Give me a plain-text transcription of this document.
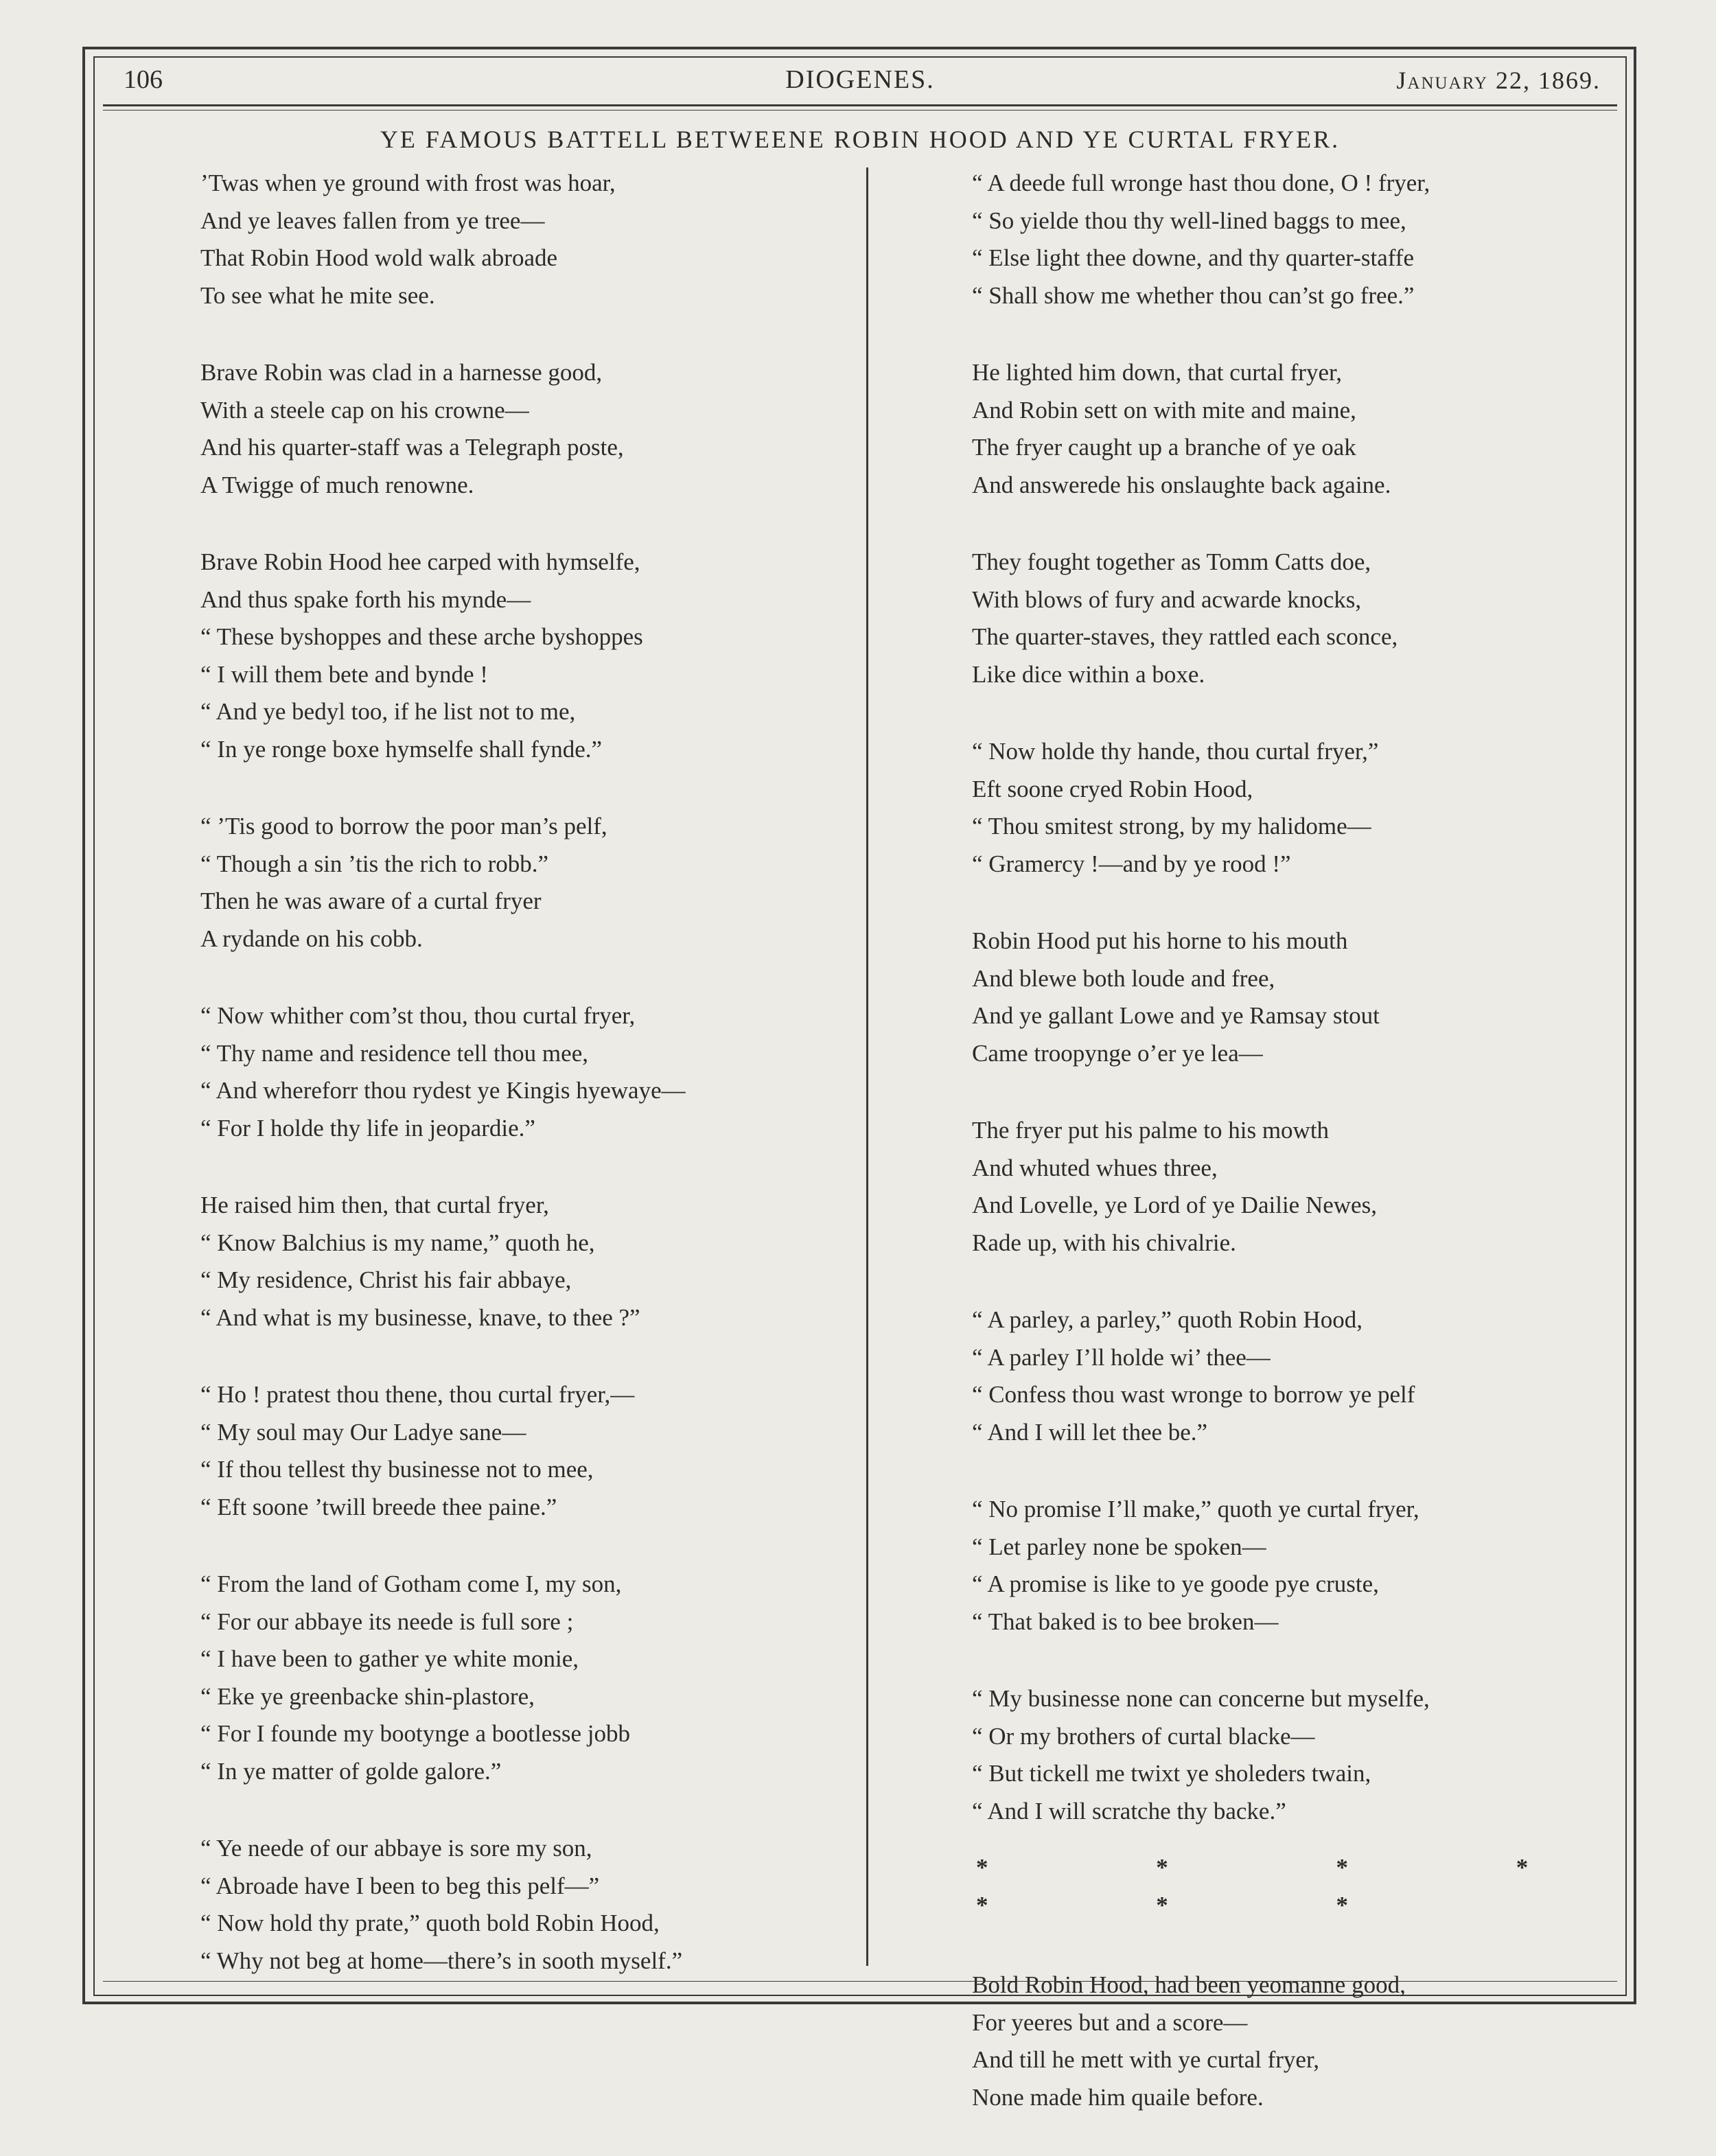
106	DIOGENES.	January 22, 1869.
YE FAMOUS BATTELL BETWEENE ROBIN HOOD AND YE CURTAL FRYER.
’Twas when ye ground with frost was hoar,
And ye leaves fallen from ye tree—
That Robin Hood wold walk abroade
To see what he mite see.
Brave Robin was clad in a harnesse good,
With a steele cap on his crowne—
And his quarter-staff was a Telegraph poste,
A Twigge of much renowne.
Brave Robin Hood hee carped with hymselfe,
And thus spake forth his mynde—
“ These byshoppes and these arche byshoppes
“ I will them bete and bynde !
“ And ye bedyl too, if he list not to me,
“ In ye ronge boxe hymselfe shall fynde.”
“ ’Tis good to borrow the poor man’s pelf,
“ Though a sin ’tis the rich to robb.”
Then he was aware of a curtal fryer
A rydande on his cobb.
“ Now whither com’st thou, thou curtal fryer,
“ Thy name and residence tell thou mee,
“ And whereforr thou rydest ye Kingis hyewaye—
“ For I holde thy life in jeopardie.”
He raised him then, that curtal fryer,
“ Know Balchius is my name,” quoth he,
“ My residence, Christ his fair abbaye,
“ And what is my businesse, knave, to thee ?”
“ Ho ! pratest thou thene, thou curtal fryer,—
“ My soul may Our Ladye sane—
“ If thou tellest thy businesse not to mee,
“ Eft soone ’twill breede thee paine.”
“ From the land of Gotham come I, my son,
“ For our abbaye its neede is full sore ;
“ I have been to gather ye white monie,
“ Eke ye greenbacke shin-plastore,
“ For I founde my bootynge a bootlesse jobb
“ In ye matter of golde galore.”
“ Ye neede of our abbaye is sore my son,
“ Abroade have I been to beg this pelf—”
“ Now hold thy prate,” quoth bold Robin Hood,
“ Why not beg at home—there’s in sooth myself.”
“ A deede full wronge hast thou done, O ! fryer,
“ So yielde thou thy well-lined baggs to mee,
“ Else light thee downe, and thy quarter-staffe
“ Shall show me whether thou can’st go free.”
He lighted him down, that curtal fryer,
And Robin sett on with mite and maine,
The fryer caught up a branche of ye oak
And answerede his onslaughte back againe.
They fought together as Tomm Catts doe,
With blows of fury and acwarde knocks,
The quarter-staves, they rattled each sconce,
Like dice within a boxe.
“ Now holde thy hande, thou curtal fryer,”
Eft soone cryed Robin Hood,
“ Thou smitest strong, by my halidome—
“ Gramercy !—and by ye rood !”
Robin Hood put his horne to his mouth
And blewe both loude and free,
And ye gallant Lowe and ye Ramsay stout
Came troopynge o’er ye lea—
The fryer put his palme to his mowth
And whuted whues three,
And Lovelle, ye Lord of ye Dailie Newes,
Rade up, with his chivalrie.
“ A parley, a parley,” quoth Robin Hood,
“ A parley I’ll holde wi’ thee—
“ Confess thou wast wronge to borrow ye pelf
“ And I will let thee be.”
“ No promise I’ll make,” quoth ye curtal fryer,
“ Let parley none be spoken—
“ A promise is like to ye goode pye cruste,
“ That baked is to bee broken—
“ My businesse none can concerne but myselfe,
“ Or my brothers of curtal blacke—
“ But tickell me twixt ye sholeders twain,
“ And I will scratche thy backe.”
* * * * * * *
Bold Robin Hood, had been yeomanne good,
For yeeres but and a score—
And till he mett with ye curtal fryer,
None made him quaile before.
